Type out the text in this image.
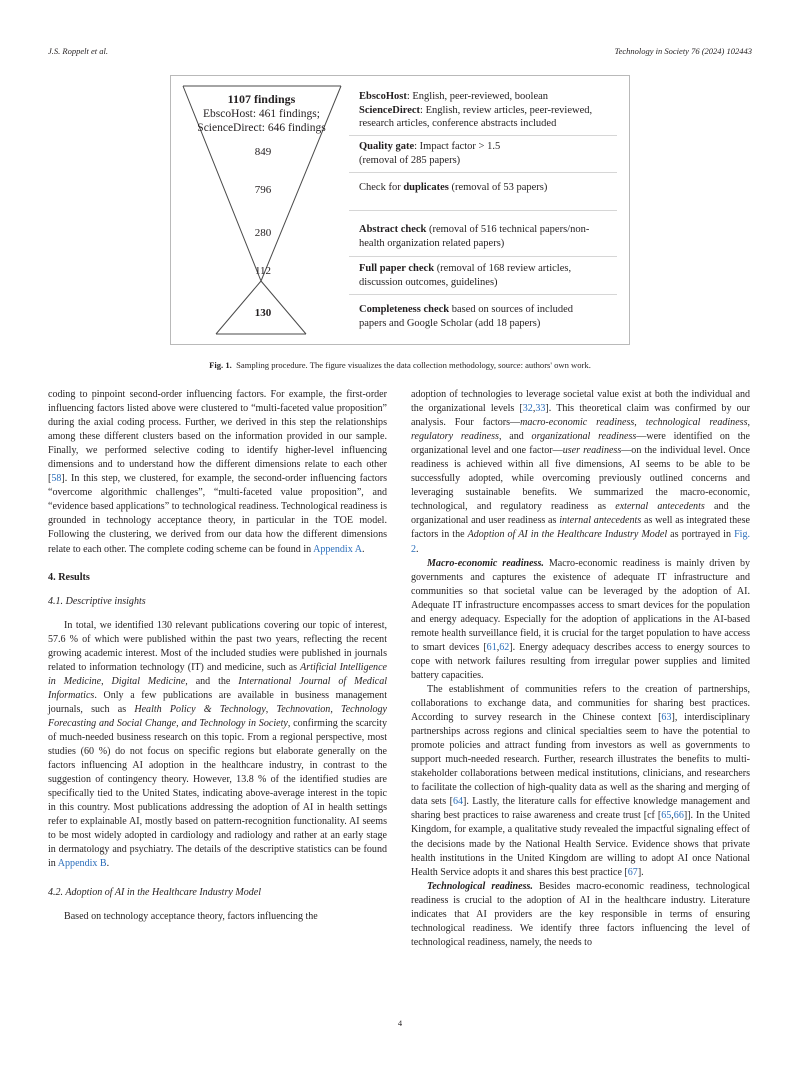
J.S. Roppelt et al.	Technology in Society 76 (2024) 102443
1107 findings
EbscoHost: 461 findings;
ScienceDirect: 646 findings
849
796
280
112
130
EbscoHost: English, peer-reviewed, boolean
ScienceDirect: English, review articles, peer-reviewed,
research articles, conference abstracts included
Quality gate: Impact factor > 1.5
(removal of 285 papers)
Check for duplicates (removal of 53 papers)
Abstract check (removal of 516 technical papers/non-
health organization related papers)
Full paper check (removal of 168 review articles,
discussion outcomes, guidelines)
Completeness check based on sources of included
papers and Google Scholar (add 18 papers)
Fig. 1. Sampling procedure. The figure visualizes the data collection methodology, source: authors' own work.

coding to pinpoint second-order influencing factors. For example, the first-order influencing factors listed above were clustered to “multi-faceted value proposition” during the axial coding process. Further, we derived in this step the relationships among these different clusters based on the information provided in our sample. Finally, we performed selective coding to identify higher-level influencing dimensions and to understand how the different dimensions relate to each other [58]. In this step, we clustered, for example, the second-order influencing factors “overcome algorithmic challenges”, “multi-faceted value proposition”, and “evidence based applications” to technological readiness. Technological readiness is grounded in technology acceptance theory, in particular in the TOE model. Following the clustering, we derived from our data how the different dimensions relate to each other. The complete coding scheme can be found in Appendix A.

4. Results

4.1. Descriptive insights

In total, we identified 130 relevant publications covering our topic of interest, 57.6 % of which were published within the past two years, reflecting the recent growing academic interest. Most of the included studies were published in journals related to information technology (IT) and medicine, such as Artificial Intelligence in Medicine, Digital Medicine, and the International Journal of Medical Informatics. Only a few publications are available in business management journals, such as Health Policy & Technology, Technovation, Technology Forecasting and Social Change, and Technology in Society, confirming the scarcity of much-needed business research on this topic. From a regional perspective, most studies (60 %) do not focus on specific regions but elaborate generally on the factors influencing AI adoption in the healthcare industry, in contrast to the suggestion of contingency theory. However, 13.8 % of the identified studies are specifically tied to the United States, indicating above-average interest in the topic in this country. Most publications addressing the adoption of AI in health settings refer to explainable AI, mostly based on pattern-recognition functionality. AI seems to be most widely adopted in cardiology and radiology and rather at an early stage in dermatology and psychiatry. The details of the descriptive statistics can be found in Appendix B.

4.2. Adoption of AI in the Healthcare Industry Model

Based on technology acceptance theory, factors influencing the

adoption of technologies to leverage societal value exist at both the individual and the organizational levels [32,33]. This theoretical claim was confirmed by our analysis. Four factors—macro-economic readiness, technological readiness, regulatory readiness, and organizational readiness—were identified on the organizational level and one factor—user readiness—on the individual level. Once readiness is achieved within all five dimensions, AI seems to be able to be successfully adopted, while overcoming previously outlined concerns and leveraging sustainable benefits. We summarized the macro-economic, technological, and regulatory readiness as external antecedents and the organizational and user readiness as internal antecedents as well as integrated these factors in the Adoption of AI in the Healthcare Industry Model as portrayed in Fig. 2.

Macro-economic readiness. Macro-economic readiness is mainly driven by governments and captures the existence of adequate IT infrastructure and communities so that societal value can be leveraged by the adoption of AI. Adequate IT infrastructure encompasses access to smart devices for the population and energy adequacy. Especially for the adoption of applications in the AI-based remote health surveillance field, it is crucial for the target population to have access to smart devices [61,62]. Energy adequacy describes access to energy sources to cope with network failures resulting from irregular power supplies and limited battery capacities.

The establishment of communities refers to the creation of partnerships, collaborations to exchange data, and communities for sharing best practices. According to survey research in the Chinese context [63], interdisciplinary partnerships across regions and clinical specialties seem to have the potential to promote policies and attract funding from investors as well as governments to support much-needed research. Further, research illustrates the benefits to multi-stakeholder collaborations between medical institutions, clinicians, and researchers to facilitate the collection of high-quality data as well as the sharing and merging of data sets [64]. Lastly, the literature calls for effective knowledge management and sharing best practices to raise awareness and create trust [cf [65,66]]. In the United Kingdom, for example, a qualitative study revealed the impactful signaling effect of the decisions made by the National Health Service. Evidence shows that private health institutions in the United Kingdom are willing to adopt AI once National Health Service adopts it and shares this best practice [67].

Technological readiness. Besides macro-economic readiness, technological readiness is crucial to the adoption of AI in the healthcare industry. Literature indicates that AI providers are the key responsible in terms of ensuring technological readiness. We identify three factors influencing the level of technological readiness, namely, the needs to

4
